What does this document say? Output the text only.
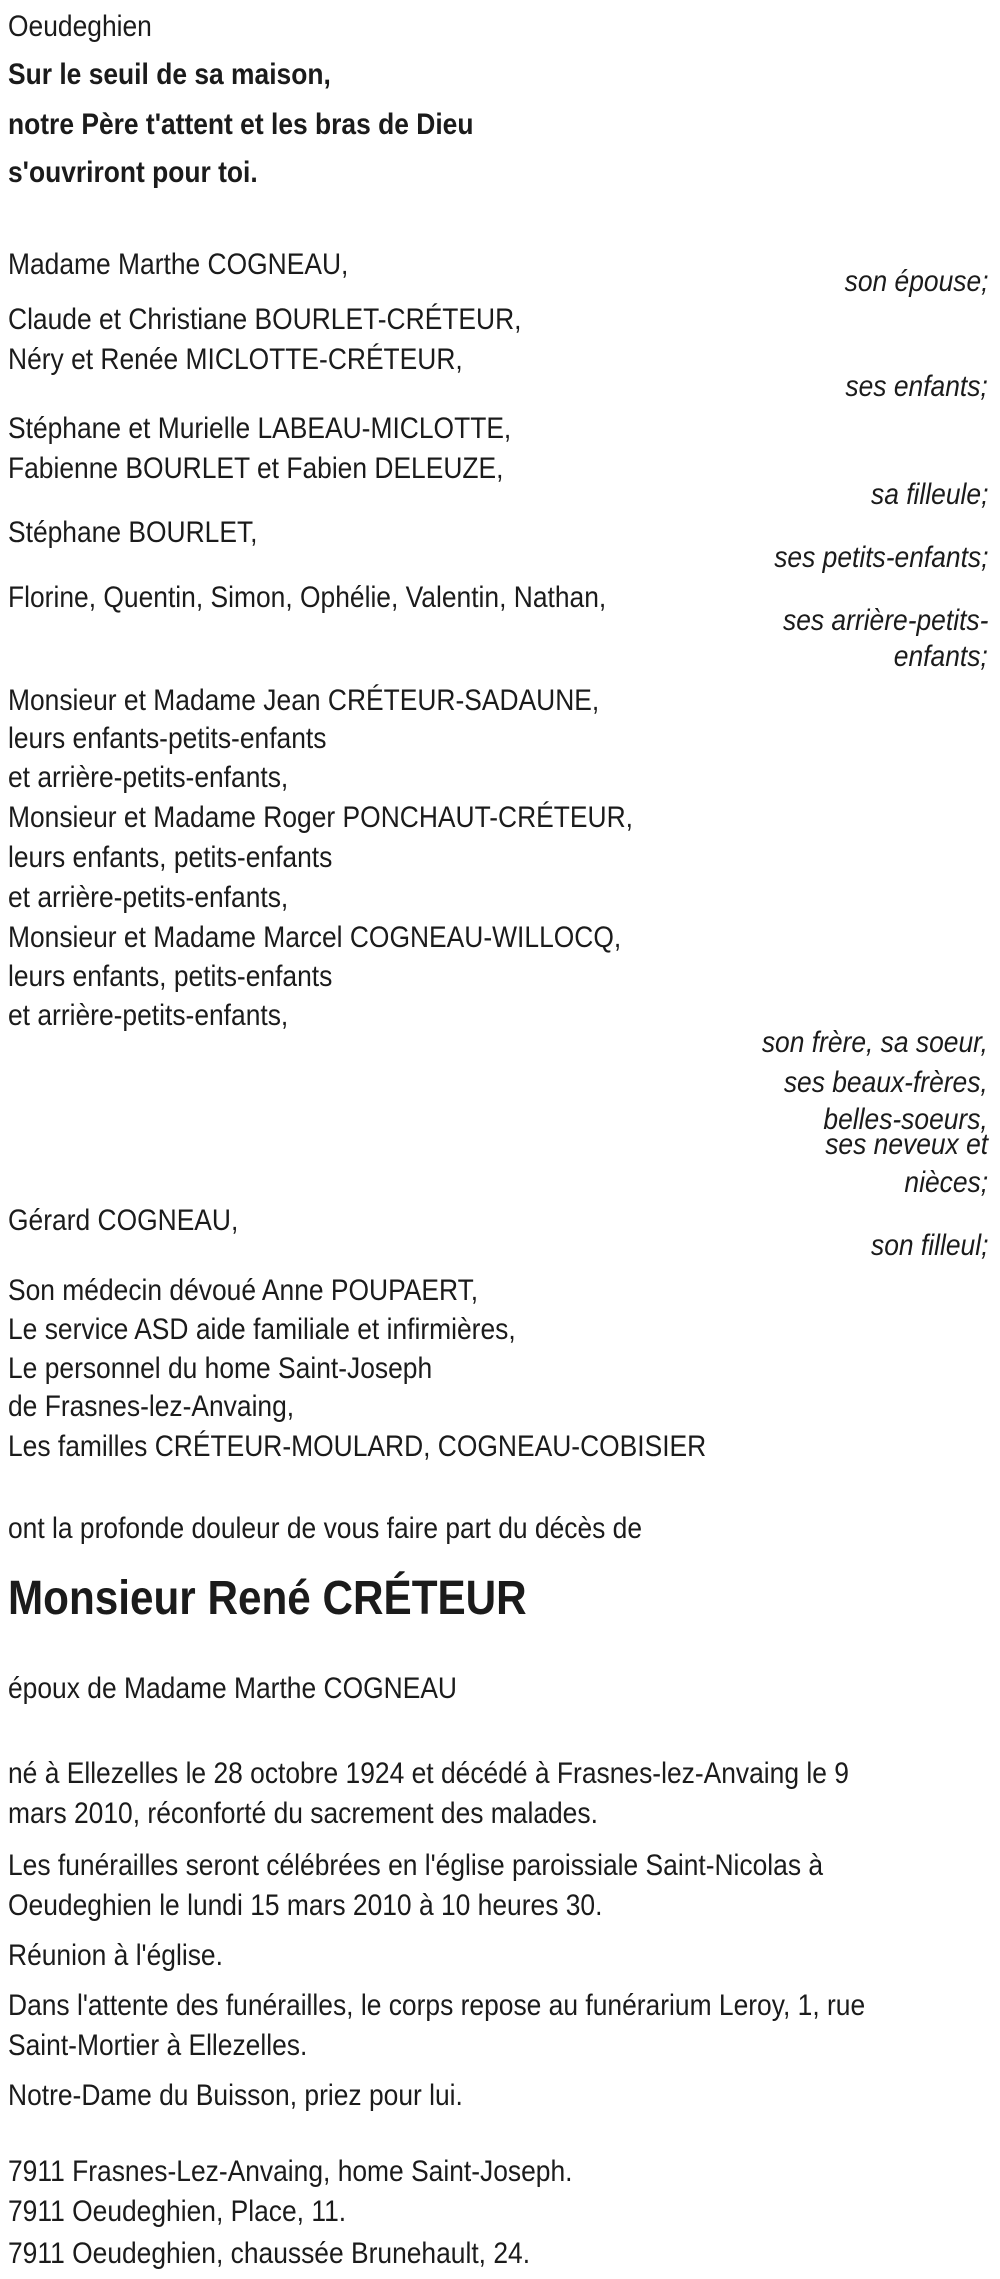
Oeudeghien
Sur le seuil de sa maison,
notre Père t'attent et les bras de Dieu
s'ouvriront pour toi.
Madame Marthe COGNEAU,
son épouse;
Claude et Christiane BOURLET-CRÉTEUR,
Néry et Renée MICLOTTE-CRÉTEUR,
ses enfants;
Stéphane et Murielle LABEAU-MICLOTTE,
Fabienne BOURLET et Fabien DELEUZE,
sa filleule;
Stéphane BOURLET,
ses petits-enfants;
Florine, Quentin, Simon, Ophélie, Valentin, Nathan,
ses arrière-petits-
enfants;
Monsieur et Madame Jean CRÉTEUR-SADAUNE,
leurs enfants-petits-enfants
et arrière-petits-enfants,
Monsieur et Madame Roger PONCHAUT-CRÉTEUR,
leurs enfants, petits-enfants
et arrière-petits-enfants,
Monsieur et Madame Marcel COGNEAU-WILLOCQ,
leurs enfants, petits-enfants
et arrière-petits-enfants,
son frère, sa soeur,
ses beaux-frères,
belles-soeurs,
ses neveux et
nièces;
Gérard COGNEAU,
son filleul;
Son médecin dévoué Anne POUPAERT,
Le service ASD aide familiale et infirmières,
Le personnel du home Saint-Joseph
de Frasnes-lez-Anvaing,
Les familles CRÉTEUR-MOULARD, COGNEAU-COBISIER
ont la profonde douleur de vous faire part du décès de
Monsieur René CRÉTEUR
époux de Madame Marthe COGNEAU
né à Ellezelles le 28 octobre 1924 et décédé à Frasnes-lez-Anvaing le 9
mars 2010, réconforté du sacrement des malades.
Les funérailles seront célébrées en l'église paroissiale Saint-Nicolas à
Oeudeghien le lundi 15 mars 2010 à 10 heures 30.
Réunion à l'église.
Dans l'attente des funérailles, le corps repose au funérarium Leroy, 1, rue
Saint-Mortier à Ellezelles.
Notre-Dame du Buisson, priez pour lui.
7911 Frasnes-Lez-Anvaing, home Saint-Joseph.
7911 Oeudeghien, Place, 11.
7911 Oeudeghien, chaussée Brunehault, 24.
